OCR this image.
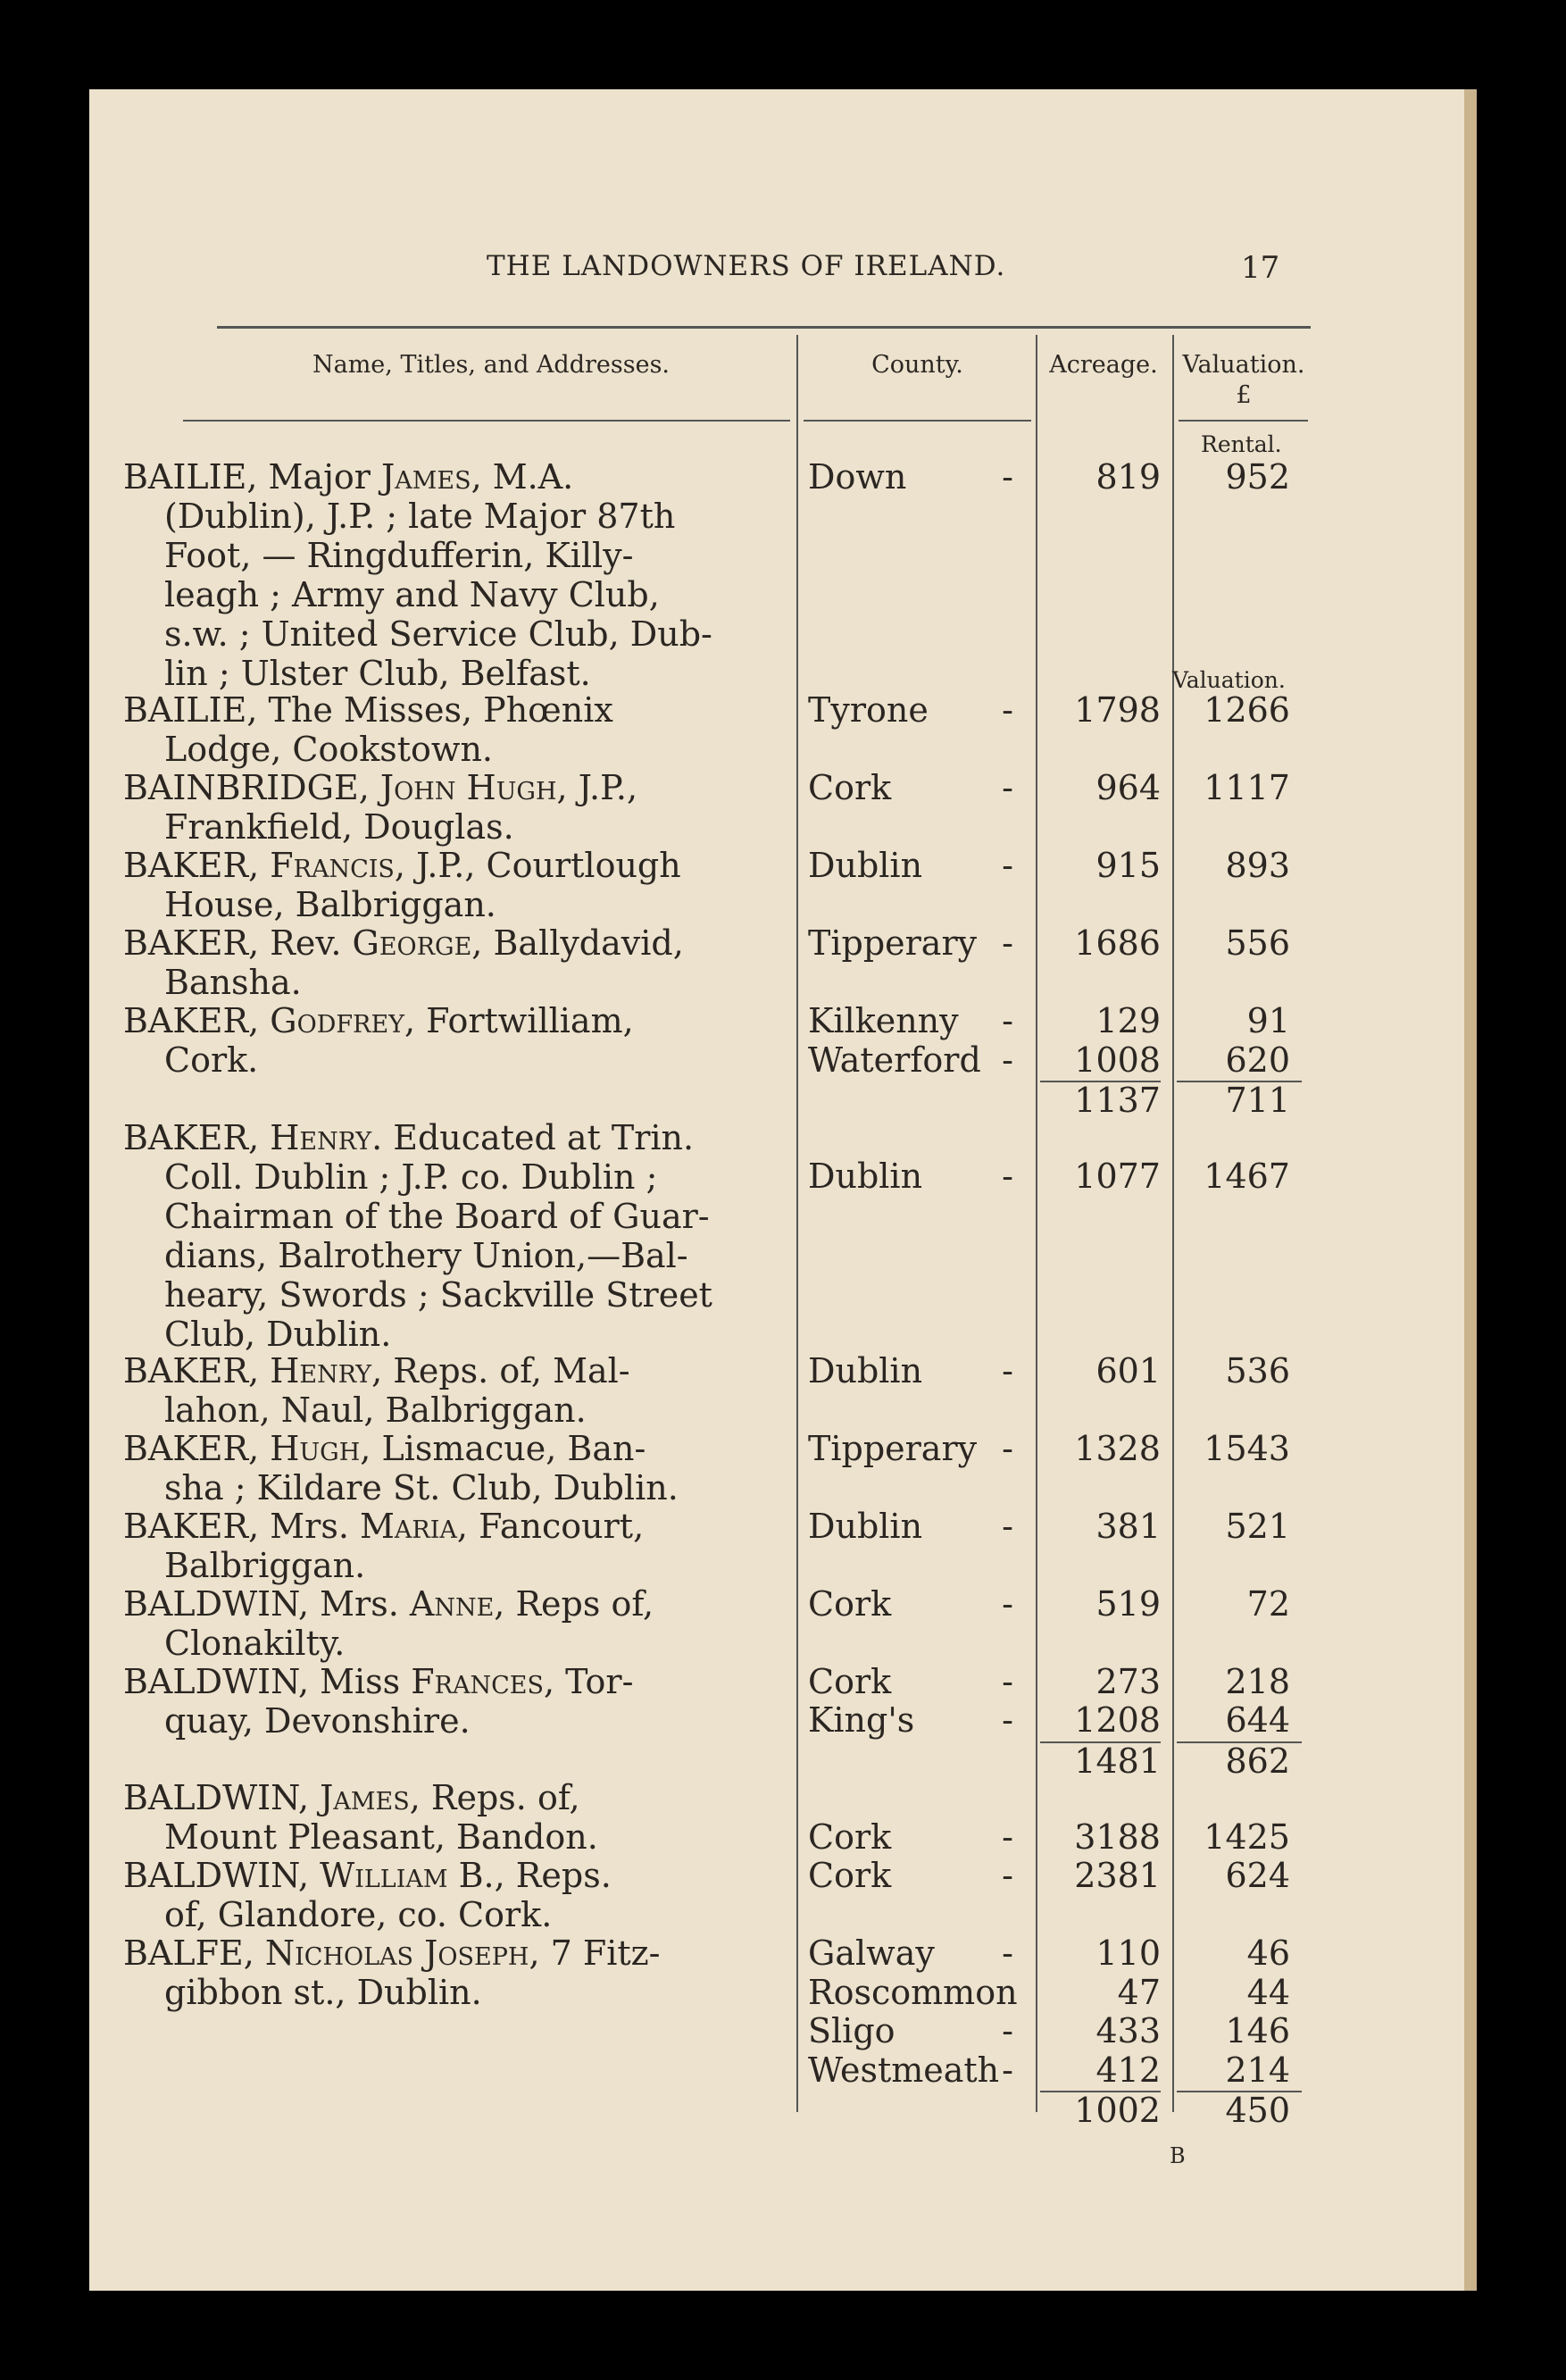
THE LANDOWNERS OF IRELAND.	17
Name, Titles, and Addresses.	County.	Acreage.	Valuation.
£
Rental.
Valuation.
BAILIE, Major James, M.A.
(Dublin), J.P. ; late Major 87th
Foot, — Ringdufferin, Killy-
leagh ; Army and Navy Club,
s.w. ; United Service Club, Dub-
lin ; Ulster Club, Belfast.
Down	-	819	952
BAILIE, The Misses, Phœnix
Lodge, Cookstown.
Tyrone -	1798	1266
BAINBRIDGE, John Hugh, J.P.,
Frankfield, Douglas.
Cork	-	964	1117
BAKER, Francis, J.P., Courtlough
House, Balbriggan.
Dublin -	915	893
BAKER, Rev. George, Ballydavid,
Bansha.
Tipperary -	1686	556
BAKER, Godfrey, Fortwilliam,
Cork.
Kilkenny -	129	91
Waterford -	1008	620
1137	711
BAKER, Henry. Educated at Trin.
Coll. Dublin ; J.P. co. Dublin ;
Chairman of the Board of Guar-
dians, Balrothery Union,—Bal-
heary, Swords ; Sackville Street
Club, Dublin.
Dublin -	1077	1467
BAKER, Henry, Reps. of, Mal-
lahon, Naul, Balbriggan.
Dublin -	601	536
BAKER, Hugh, Lismacue, Ban-
sha ; Kildare St. Club, Dublin.
Tipperary -	1328	1543
BAKER, Mrs. Maria, Fancourt,
Balbriggan.
Dublin -	381	521
BALDWIN, Mrs. Anne, Reps of,
Clonakilty.
Cork	-	519	72
BALDWIN, Miss Frances, Tor-
quay, Devonshire.
Cork	-	273	218
King's	-	1208	644
1481	862
BALDWIN, James, Reps. of,
Mount Pleasant, Bandon.	Cork	-	3188	1425
BALDWIN, William B., Reps.
of, Glandore, co. Cork.
Cork	-	2381	624
BALFE, Nicholas Joseph, 7 Fitz-
gibbon st., Dublin.
Galway -	110	46
Roscommon	47	44
Sligo	-	433	146
Westmeath -	412	214
1002	450
B
